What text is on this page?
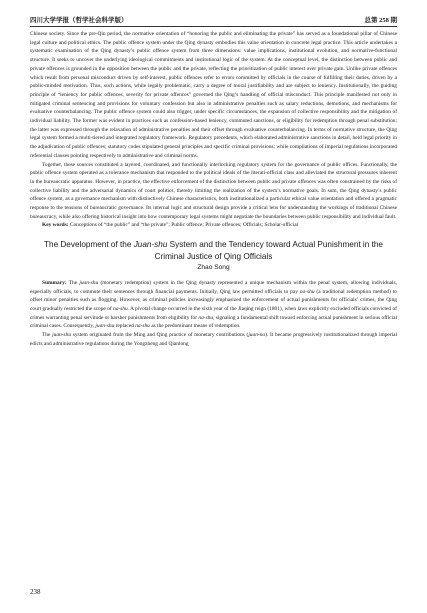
四川大学学报（哲学社会科学版）	总第 258 期

Chinese society. Since the pre-Qin period, the normative orientation of “honoring the public and eliminating the private” has served as a foundational pillar of Chinese legal culture and political ethics. The public offence system under the Qing dynasty embodies this value orientation in concrete legal practice. This article undertakes a systematic examination of the Qing dynasty’s public offence system from three dimensions: value implications, institutional evolution, and normative-functional structure. It seeks to uncover the underlying ideological commitments and institutional logic of the system. At the conceptual level, the distinction between public and private offences is grounded in the opposition between the public and the private, reflecting the prioritization of public interest over private gain. Unlike private offences which result from personal misconduct driven by self-interest, public offences refer to errors committed by officials in the course of fulfilling their duties, driven by a public-minded motivation. Thus, such actions, while legally problematic, carry a degree of moral justifiability and are subject to leniency. Institutionally, the guiding principle of “leniency for public offences, severity for private offences” governed the Qing’s handling of official misconduct. This principle manifested not only in mitigated criminal sentencing and provisions for voluntary confession but also in administrative penalties such as salary reductions, demotions, and mechanisms for evaluative counterbalancing. The public offence system could also trigger, under specific circumstances, the expansion of collective responsibility and the mitigation of individual liability. The former was evident in practices such as confession-based leniency, commuted sanctions, or eligibility for redemption through penal substitution; the latter was expressed through the relaxation of administrative penalties and their offset through evaluative counterbalancing. In terms of normative structure, the Qing legal system formed a multi-tiered and integrated regulatory framework. Regulatory precedents, which elaborated administrative sanctions in detail, held legal priority in the adjudication of public offences; statutory codes stipulated general principles and specific criminal provisions; while compilations of imperial regulations incorporated referential clauses pointing respectively to administrative and criminal norms.

Together, these sources constituted a layered, coordinated, and functionally interlocking regulatory system for the governance of public offices. Functionally, the public offence system operated as a tolerance mechanism that responded to the political ideals of the literati-official class and alleviated the structural pressures inherent in the bureaucratic apparatus. However, in practice, the effective enforcement of the distinction between public and private offences was often constrained by the risks of collective liability and the adversarial dynamics of court politics, thereby limiting the realization of the system’s normative goals. In sum, the Qing dynasty’s public offence system, as a governance mechanism with distinctively Chinese characteristics, both institutionalized a particular ethical value orientation and offered a pragmatic response to the tensions of bureaucratic governance. Its internal logic and structural design provide a critical lens for understanding the workings of traditional Chinese bureaucracy, while also offering historical insight into how contemporary legal systems might negotiate the boundaries between public responsibility and individual fault.

Key words: Conceptions of “the public” and “the private”; Public offence; Private offences; Officials; Scholar-official

The Development of the Juan-shu System and the Tendency toward Actual Punishment in the Criminal Justice of Qing Officials
Zhao Song

Summary: The juan-shu (monetary redemption) system in the Qing dynasty represented a unique mechanism within the penal system, allowing individuals, especially officials, to commute their sentences through financial payments. Initially, Qing law permitted officials to pay na-shu (a traditional redemption method) to offset minor penalties such as flogging. However, as criminal policies increasingly emphasized the enforcement of actual punishments for officials’ crimes, the Qing court gradually restricted the scope of na-shu. A pivotal change occurred in the sixth year of the Jiaqing reign (1801), when laws explicitly excluded officials convicted of crimes warranting penal servitude or harsher punishments from eligibility for na-shu, signaling a fundamental shift toward enforcing actual punishment in serious official criminal cases. Consequently, juan-shu replaced na-shu as the predominant means of redemption.

The juan-shu system originated from the Ming and Qing practice of monetary contributions (juan-na). It became progressively institutionalized through imperial edicts and administrative regulations during the Yongzheng and Qianlong

238
